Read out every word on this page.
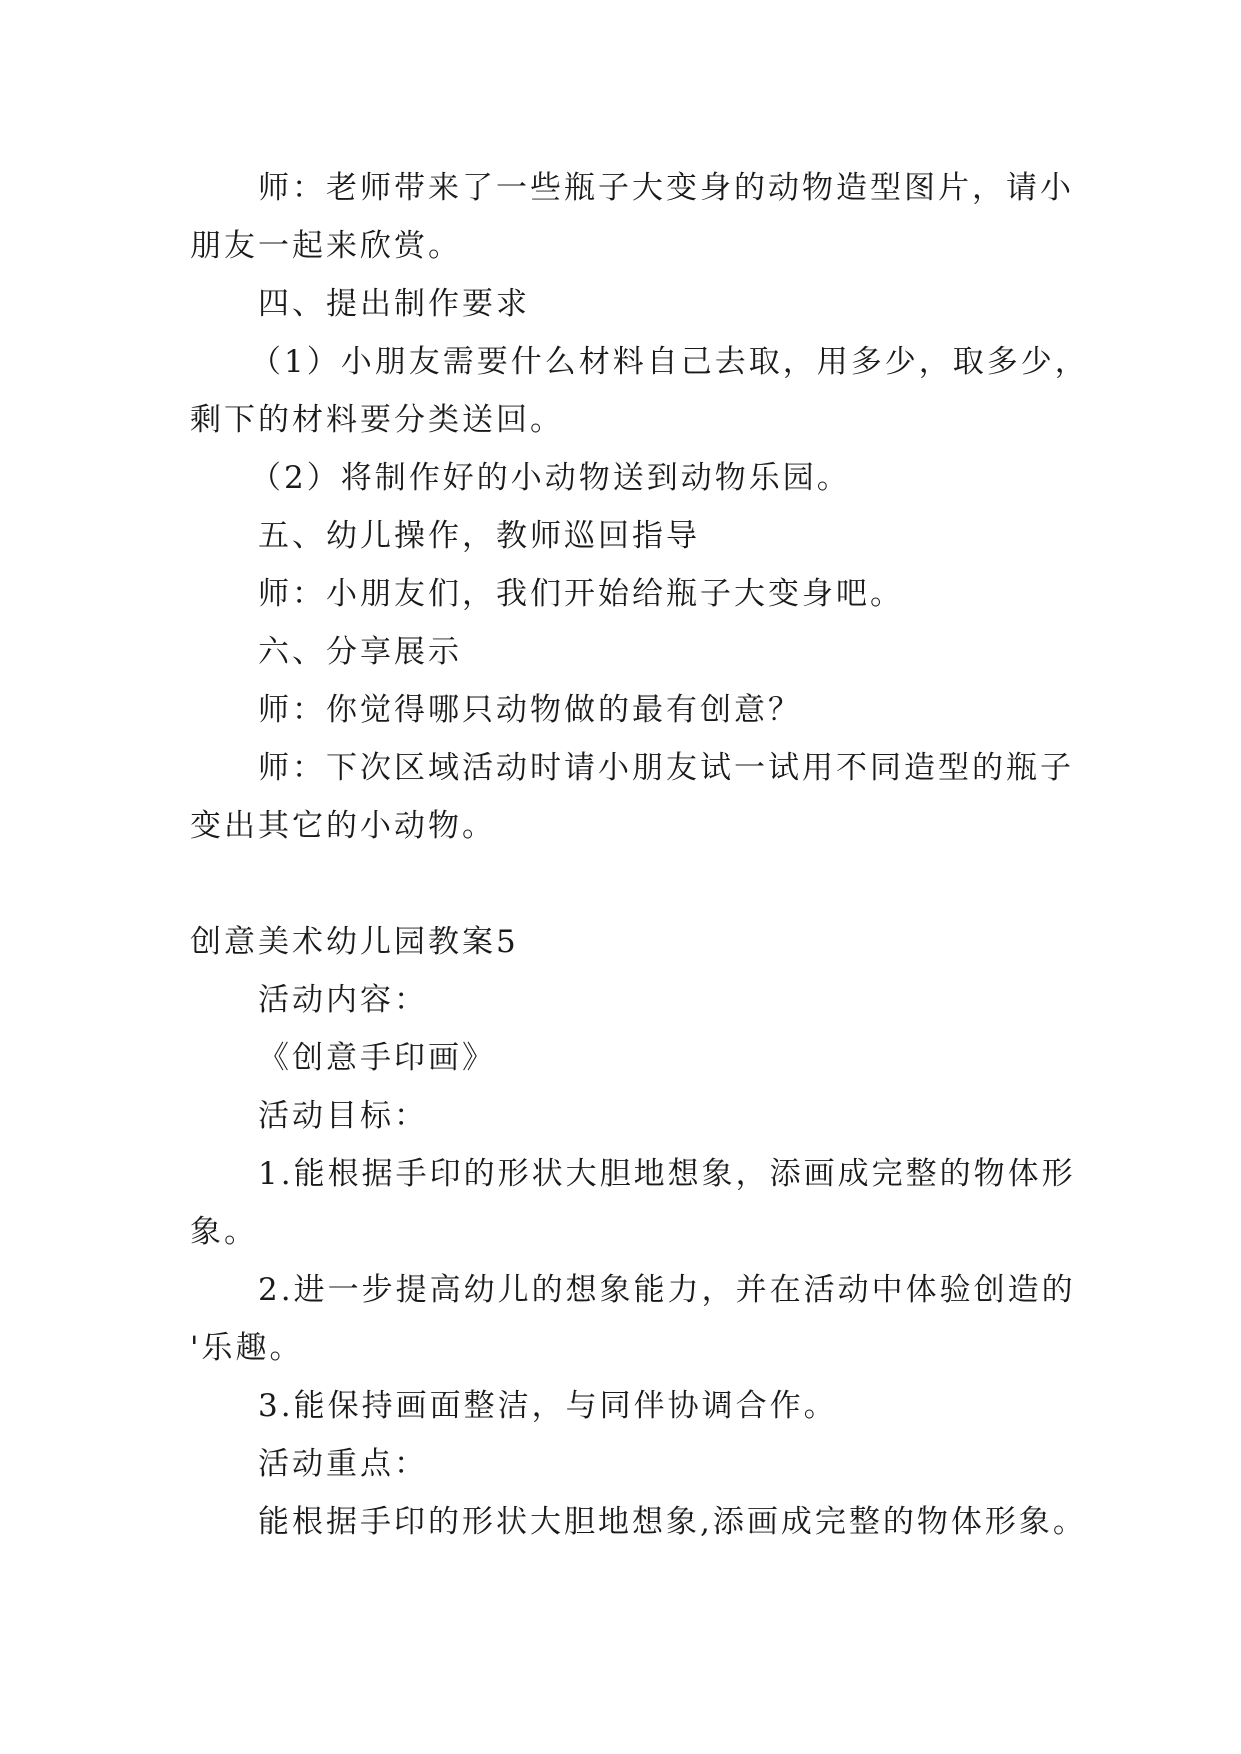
师：老师带来了一些瓶子大变身的动物造型图片，请小
朋友一起来欣赏。
四、提出制作要求
（1）小朋友需要什么材料自己去取，用多少，取多少，
剩下的材料要分类送回。
（2）将制作好的小动物送到动物乐园。
五、幼儿操作，教师巡回指导
师：小朋友们，我们开始给瓶子大变身吧。
六、分享展示
师：你觉得哪只动物做的最有创意？
师：下次区域活动时请小朋友试一试用不同造型的瓶子
变出其它的小动物。
创意美术幼儿园教案5
活动内容：
《创意手印画》
活动目标：
1.能根据手印的形状大胆地想象，添画成完整的物体形
象。
2.进一步提高幼儿的想象能力，并在活动中体验创造的
'乐趣。
3.能保持画面整洁，与同伴协调合作。
活动重点：
能根据手印的形状大胆地想象,添画成完整的物体形象。
